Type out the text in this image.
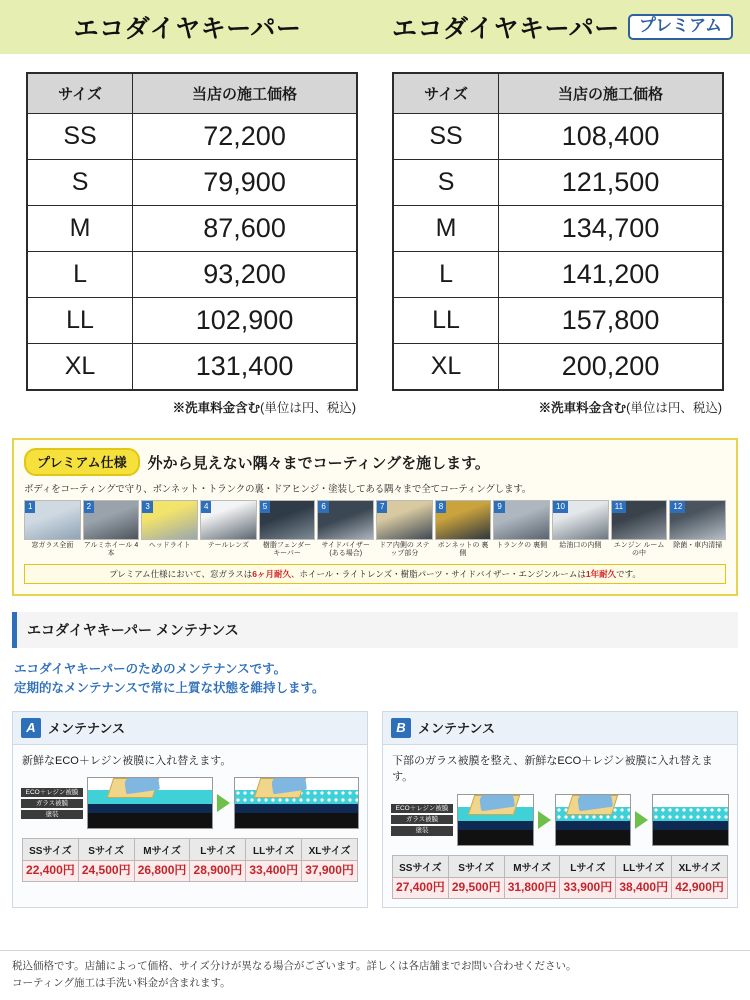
エコダイヤキーパー	エコダイヤキーパー	プレミアム
サイズ	当店の施工価格
SS	72,200
S	79,900
M	87,600
L	93,200
LL	102,900
XL	131,400
※洗車料金含む(単位は円、税込)
サイズ	当店の施工価格
SS	108,400
S	121,500
M	134,700
L	141,200
LL	157,800
XL	200,200
※洗車料金含む(単位は円、税込)
プレミアム仕様	外から見えない隅々までコーティングを施します。
ボディをコーティングで守り、ボンネット・トランクの裏・ドアヒンジ・塗装してある隅々まで全てコーティングします。
1
窓ガラス全面
2
アルミホイール 4本
3
ヘッドライト
4
テールレンズ
5
樹脂フェンダー キーパー
6
サイドバイザー (ある場合)
7
ドア内側の ステップ部分
8
ボンネットの 裏側
9
トランクの 裏側
10
給油口の内側
11
エンジン ルームの中
12
除菌・車内清掃
プレミアム仕様において、窓ガラスは6ヶ月耐久、ホイール・ライトレンズ・樹脂パーツ・サイドバイザー・エンジンルームは1年耐久です。
エコダイヤキーパー メンテナンス
エコダイヤキーパーのためのメンテナンスです。
定期的なメンテナンスで常に上質な状態を維持します。
A メンテナンス
新鮮なECO＋レジン被膜に入れ替えます。
ECO＋レジン被膜
ガラス被膜
塗装
SSサイズ	Sサイズ	Mサイズ	Lサイズ	LLサイズ	XLサイズ
22,400円	24,500円	26,800円	28,900円	33,400円	37,900円
B メンテナンス
下部のガラス被膜を整え、新鮮なECO＋レジン被膜に入れ替えます。
ECO＋レジン被膜
ガラス被膜
塗装
SSサイズ	Sサイズ	Mサイズ	Lサイズ	LLサイズ	XLサイズ
27,400円	29,500円	31,800円	33,900円	38,400円	42,900円
税込価格です。店舗によって価格、サイズ分けが異なる場合がございます。詳しくは各店舗までお問い合わせください。
コーティング施工は手洗い料金が含まれます。
